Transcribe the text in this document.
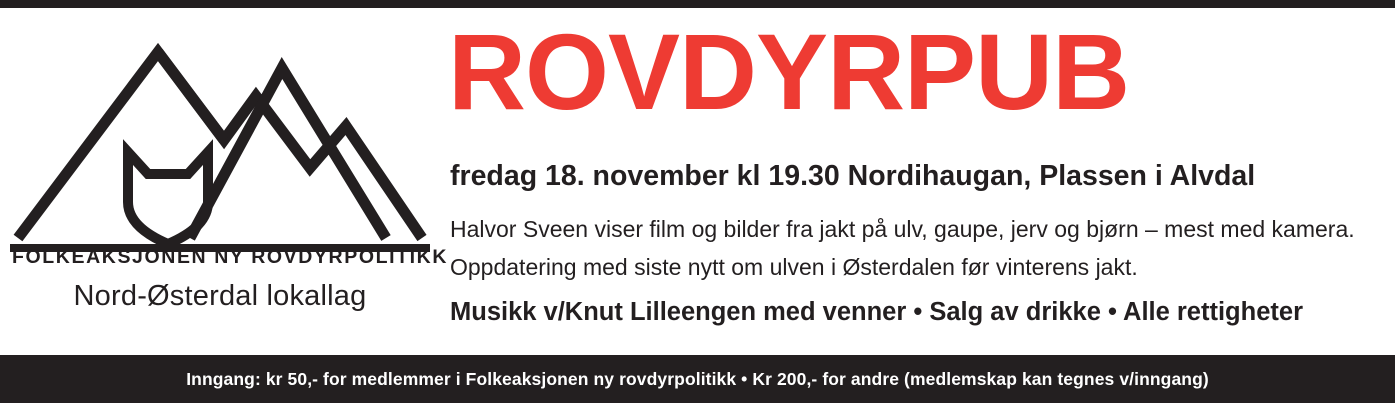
FOLKEAKSJONEN NY ROVDYRPOLITIKK
Nord-Østerdal lokallag
ROVDYRPUB
fredag 18. november kl 19.30 Nordihaugan, Plassen i Alvdal
Halvor Sveen viser film og bilder fra jakt på ulv, gaupe, jerv og bjørn – mest med kamera.
Oppdatering med siste nytt om ulven i Østerdalen før vinterens jakt.
Musikk v/Knut Lilleengen med venner • Salg av drikke • Alle rettigheter
Inngang: kr 50,- for medlemmer i Folkeaksjonen ny rovdyrpolitikk • Kr 200,- for andre (medlemskap kan tegnes v/inngang)
